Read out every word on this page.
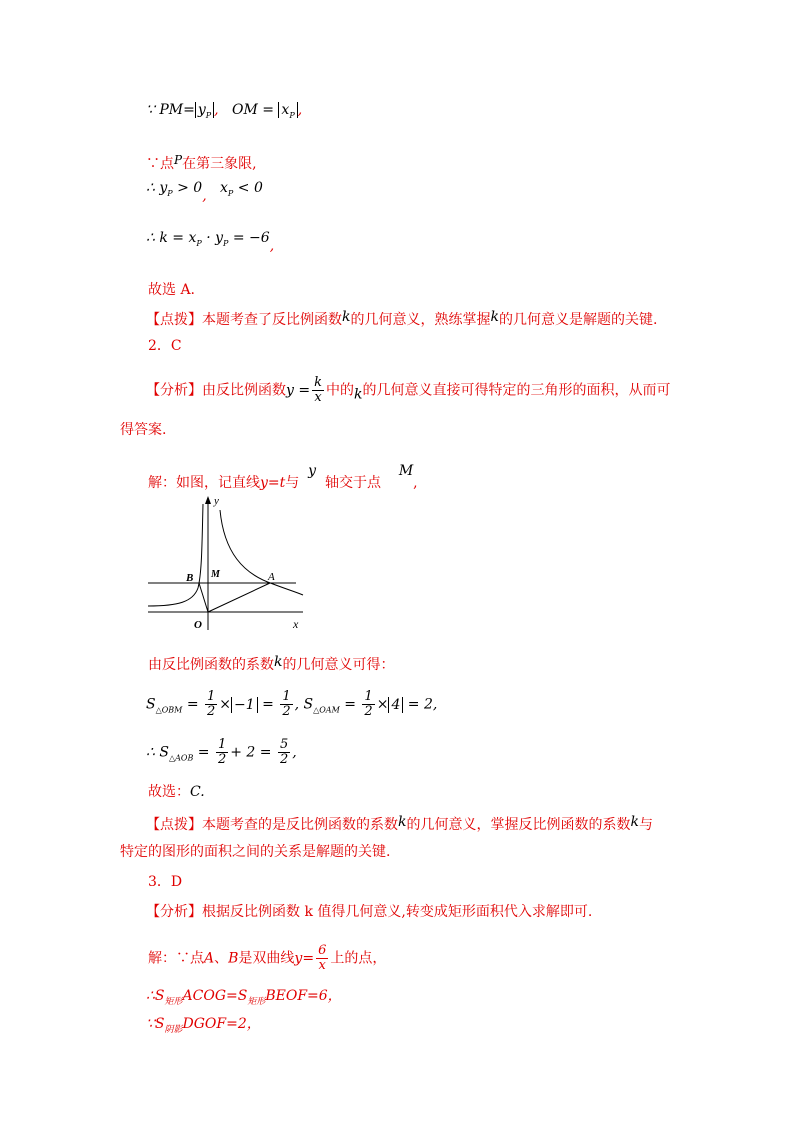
∵ $PM= y_P$ ,   OM = $x_P$ ,
∵点P在第三象限,
∴ $y_P > 0$,   $x_P < 0$
∴ $k = x_P \cdot y_P = -6$,
故选 A.
【点拨】本题考查了反比例函数k的几何意义，熟练掌握k的几何意义是解题的关键.
2．C
【分析】由反比例函数$y = \frac{k}{x}$ 中的k的几何意义直接可得特定的三角形的面积，从而可
得答案.
解：如图，记直线y=t与  y  轴交于点    M,
y
x
O
B M	A
由反比例函数的系数k的几何意义可得：
$S_{\triangle OBM} = \frac{1}{2} \times -1 = \frac{1}{2}$ , $S_{\triangle OAM} = \frac{1}{2} \times 4 = 2$,
∴ $S_{\triangle AOB} = \frac{1}{2} + 2 = \frac{5}{2}$ ,
故选：C.
【点拨】本题考查的是反比例函数的系数k的几何意义，掌握反比例函数的系数k与
特定的图形的面积之间的关系是解题的关键.
3．D
【分析】根据反比例函数 k 值得几何意义,转变成矩形面积代入求解即可.
解：∵点A、B是双曲线$y= \frac{6}{x}$ 上的点，
$\therefore S_{矩形}ACOG=S_{矩形}BEOF=6$，
$\because S_{阴影}DGOF=2$，
